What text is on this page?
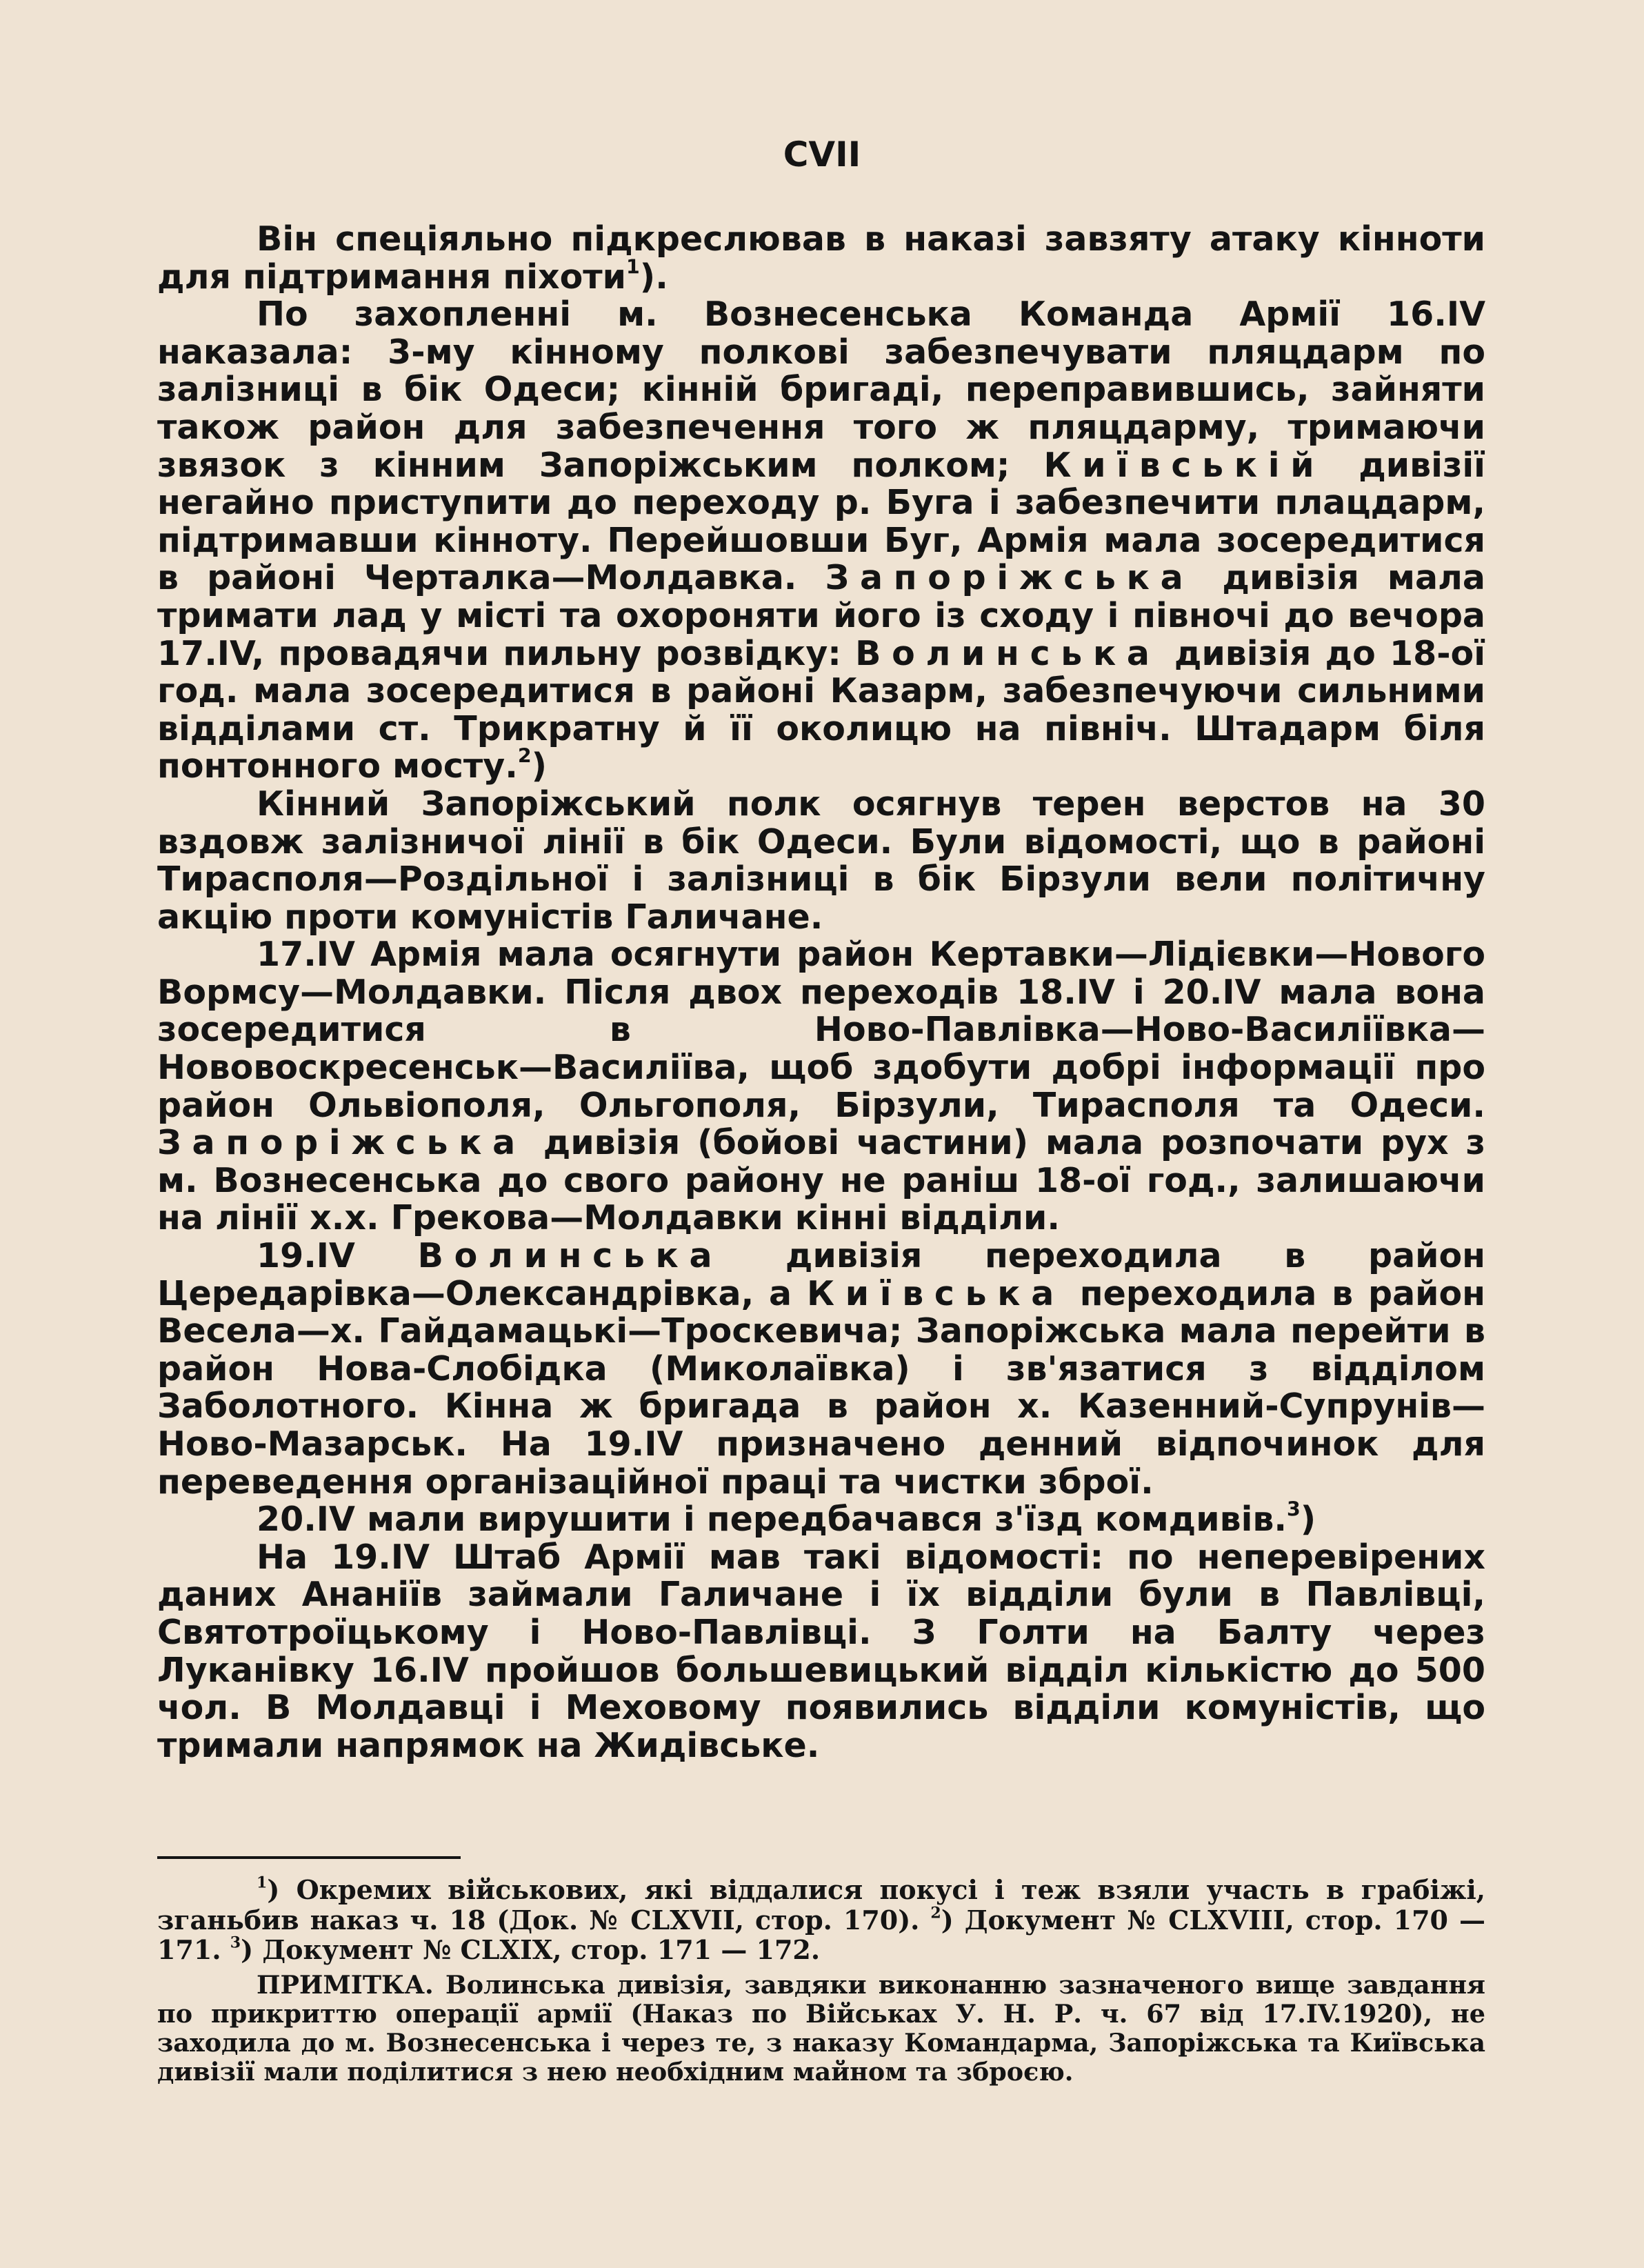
CVII

Він спеціяльно підкреслював в наказі завзяту атаку кінноти для підтримання піхоти$^1$).

По захопленні м. Вознесенська Команда Армії 16.IV наказала: 3-му кінному полкові забезпечувати пляцдарм по залізниці в бік Одеси; кінній бригаді, переправившись, зайняти також район для забезпечення того ж пляцдарму, тримаючи звязок з кінним Запоріжським полком; Київській дивізії негайно приступити до переходу р. Буга і забезпечити плацдарм, підтримавши кінноту. Перейшовши Буг, Армія мала зосередитися в районі Черталка—Молдавка. Запоріжська дивізія мала тримати лад у місті та охороняти його із сходу і півночі до вечора 17.IV, провадячи пильну розвідку: Волинська дивізія до 18-ої год. мала зосередитися в районі Казарм, забезпечуючи сильними відділами ст. Трикратну й її околицю на північ. Штадарм біля понтонного мосту.$^2$)

Кінний Запоріжський полк осягнув терен верстов на 30 вздовж залізничої лінії в бік Одеси. Були відомості, що в районі Тирасполя—Роздільної і залізниці в бік Бірзули вели політичну акцію проти комуністів Галичане.

17.IV Армія мала осягнути район Кертавки—Лідієвки—Нового Вормсу—Молдавки. Після двох переходів 18.IV і 20.IV мала вона зосередитися в Ново-Павлівка—Ново-Василіївка—Нововоскресенськ—Василіїва, щоб здобути добрі інформації про район Ольвіополя, Ольгополя, Бірзули, Тирасполя та Одеси. Запоріжська дивізія (бойові частини) мала розпочати рух з м. Вознесенська до свого району не раніш 18-ої год., залишаючи на лінії х.х. Грекова—Молдавки кінні відділи.

19.IV Волинська дивізія переходила в район Цередарівка—Олександрівка, а Київська переходила в район Весела—х. Гайдамацькі—Троскевича; Запоріжська мала перейти в район Нова-Слобідка (Миколаївка) і зв'язатися з відділом Заболотного. Кінна ж бригада в район х. Казенний-Супрунів—Ново-Мазарськ. На 19.IV призначено денний відпочинок для переведення організаційної праці та чистки зброї.

20.IV мали вирушити і передбачався з'їзд комдивів.$^3$)

На 19.IV Штаб Армії мав такі відомості: по неперевірених даних Ананіїв займали Галичане і їх відділи були в Павлівці, Святотроїцькому і Ново-Павлівці. З Голти на Балту через Луканівку 16.IV пройшов большевицький відділ кількістю до 500 чол. В Молдавці і Меховому появились відділи комуністів, що тримали напрямок на Жидівське.

$^1$) Окремих військових, які віддалися покусі і теж взяли участь в грабіжі, зганьбив наказ ч. 18 (Док. № CLXVII, стор. 170). $^2$) Документ № CLXVIII, стор. 170 — 171. $^3$) Документ № CLXIX, стор. 171 — 172.

ПРИМІТКА. Волинська дивізія, завдяки виконанню зазначеного вище завдання по прикриттю операції армії (Наказ по Військах У. Н. Р. ч. 67 від 17.IV.1920), не заходила до м. Вознесенська і через те, з наказу Командарма, Запоріжська та Київська дивізії мали поділитися з нею необхідним майном та зброєю.
